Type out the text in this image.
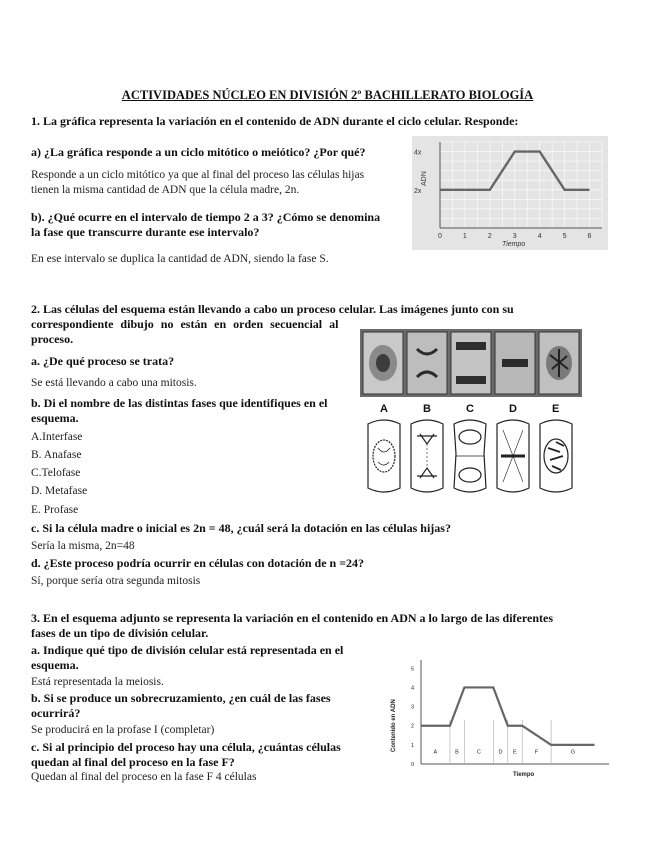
ACTIVIDADES NÚCLEO EN DIVISIÓN 2º BACHILLERATO BIOLOGÍA
1. La gráfica representa la variación en el contenido de ADN durante el ciclo celular. Responde:
a) ¿La gráfica responde a un ciclo mitótico o meiótico? ¿Por qué?
Responde a un ciclo mitótico ya que al final del proceso las células hijas
tienen la misma cantidad de ADN que la célula madre, 2n.
b). ¿Qué ocurre en el intervalo de tiempo 2 a 3? ¿Cómo se denomina
la fase que transcurre durante ese intervalo?
En ese intervalo se duplica la cantidad de ADN, siendo la fase S.
ADN
4x
2x
0	1	2	3	4	5	6
Tiempo
2. Las células del esquema están llevando a cabo un proceso celular. Las imágenes junto con su
correspondiente dibujo no están en orden secuencial al
proceso.
a. ¿De qué proceso se trata?
Se está llevando a cabo una mitosis.
b. Di el nombre de las distintas fases que identifiques en el
esquema.
A.Interfase
B. Anafase
C.Telofase
D. Metafase
E. Profase
c. Si la célula madre o inicial es 2n = 48, ¿cuál será la dotación en las células hijas?
Sería la misma, 2n=48
d. ¿Este proceso podría ocurrir en células con dotación de n =24?
Sí, porque sería otra segunda mitosis
A	B	C	D	E
3. En el esquema adjunto se representa la variación en el contenido en ADN a lo largo de las diferentes
fases de un tipo de división celular.
a. Indique qué tipo de división celular está representada en el
esquema.
Está representada la meiosis.
b. Si se produce un sobrecruzamiento, ¿en cuál de las fases
ocurrirá?
Se producirá en la profase I (completar)
c. Si al principio del proceso hay una célula, ¿cuántas células
quedan al final del proceso en la fase F?
Quedan al final del proceso en la fase F 4 células
Contenido en ADN
0
1
2
3
4
5
A	B	C	D E	F	G
Tiempo
